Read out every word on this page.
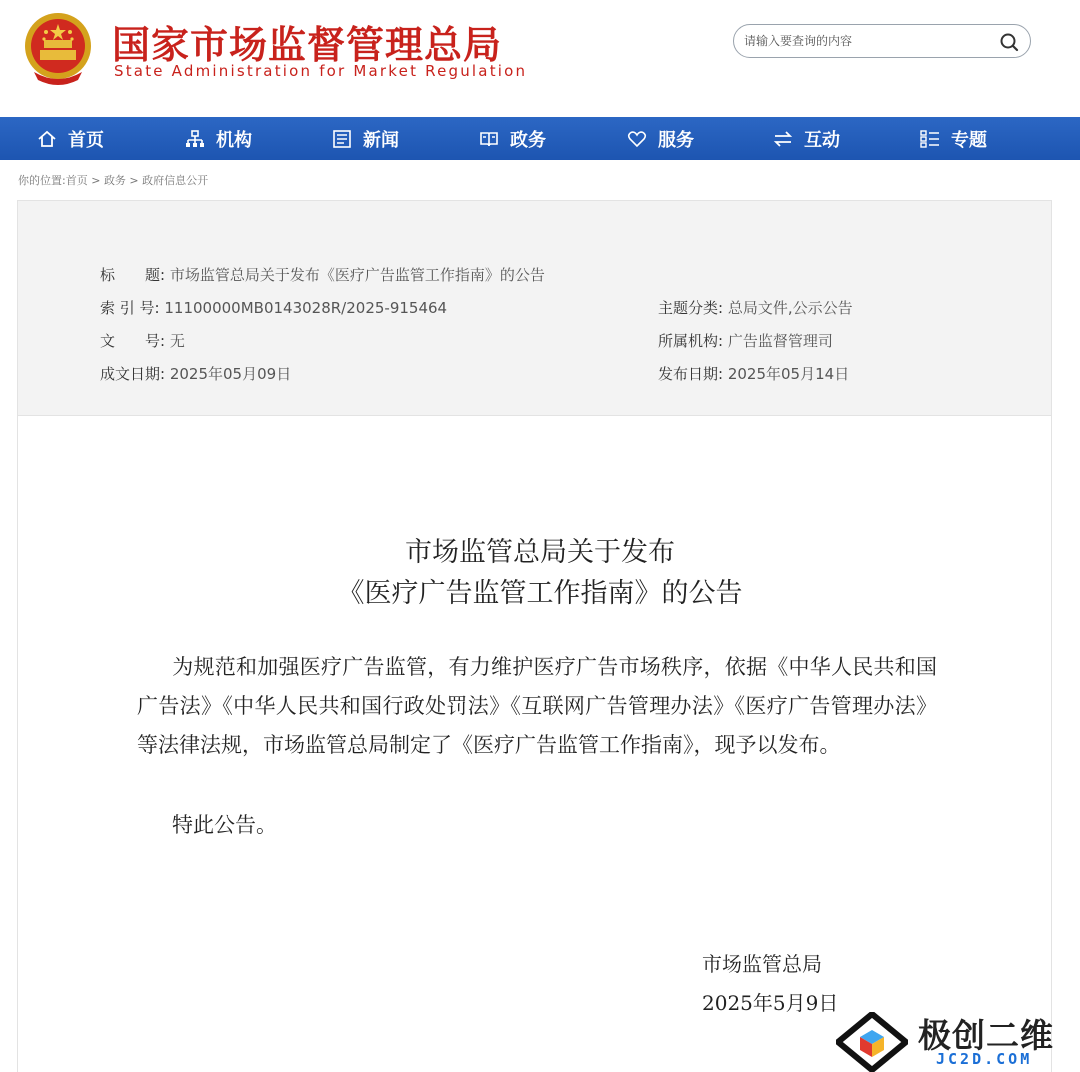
国家市场监督管理总局
State Administration for Market Regulation
请输入要查询的内容
首页	机构	新闻	政务	服务	互动	专题
你的位置:首页 > 政务 > 政府信息公开
标　　题: 市场监管总局关于发布《医疗广告监管工作指南》的公告
索 引 号: 11100000MB0143028R/2025-915464
文　　号: 无
成文日期: 2025年05月09日
主题分类: 总局文件,公示公告
所属机构: 广告监督管理司
发布日期: 2025年05月14日
市场监管总局关于发布
《医疗广告监管工作指南》的公告
为规范和加强医疗广告监管，有力维护医疗广告市场秩序，依据《中华人民共和国广告法》《中华人民共和国行政处罚法》《互联网广告管理办法》《医疗广告管理办法》等法律法规，市场监管总局制定了《医疗广告监管工作指南》，现予以发布。
特此公告。
市场监管总局
2025年5月9日
极创二维
JC2D.COM
